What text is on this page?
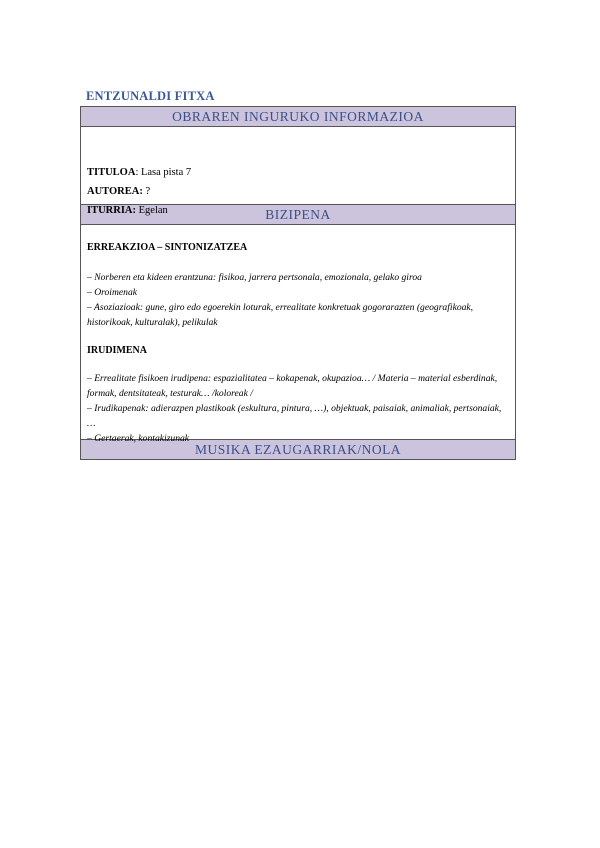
ENTZUNALDI FITXA
OBRAREN INGURUKO INFORMAZIOA
TITULOA: Lasa pista 7
AUTOREA: ?
ITURRIA: Egelan	BIZIPENA
ERREAKZIOA – SINTONIZATZEA
– Norberen eta kideen erantzuna: fisikoa, jarrera pertsonala, emozionala, gelako giroa
– Oroimenak
– Asoziazioak: gune, giro edo egoerekin loturak, errealitate konkretuak gogorarazten (geografikoak, historikoak, kulturalak), pelikulak
IRUDIMENA
– Errealitate fisikoen irudipena: espazialitatea – kokapenak, okupazioa… / Materia – material esberdinak, formak, dentsitateak, testurak… /koloreak /
– Irudikapenak: adierazpen plastikoak (eskultura, pintura, …), objektuak, paisaiak, animaliak, pertsonaiak, …
– Gertaerak, kontakizunak
MUSIKA EZAUGARRIAK/NOLA
